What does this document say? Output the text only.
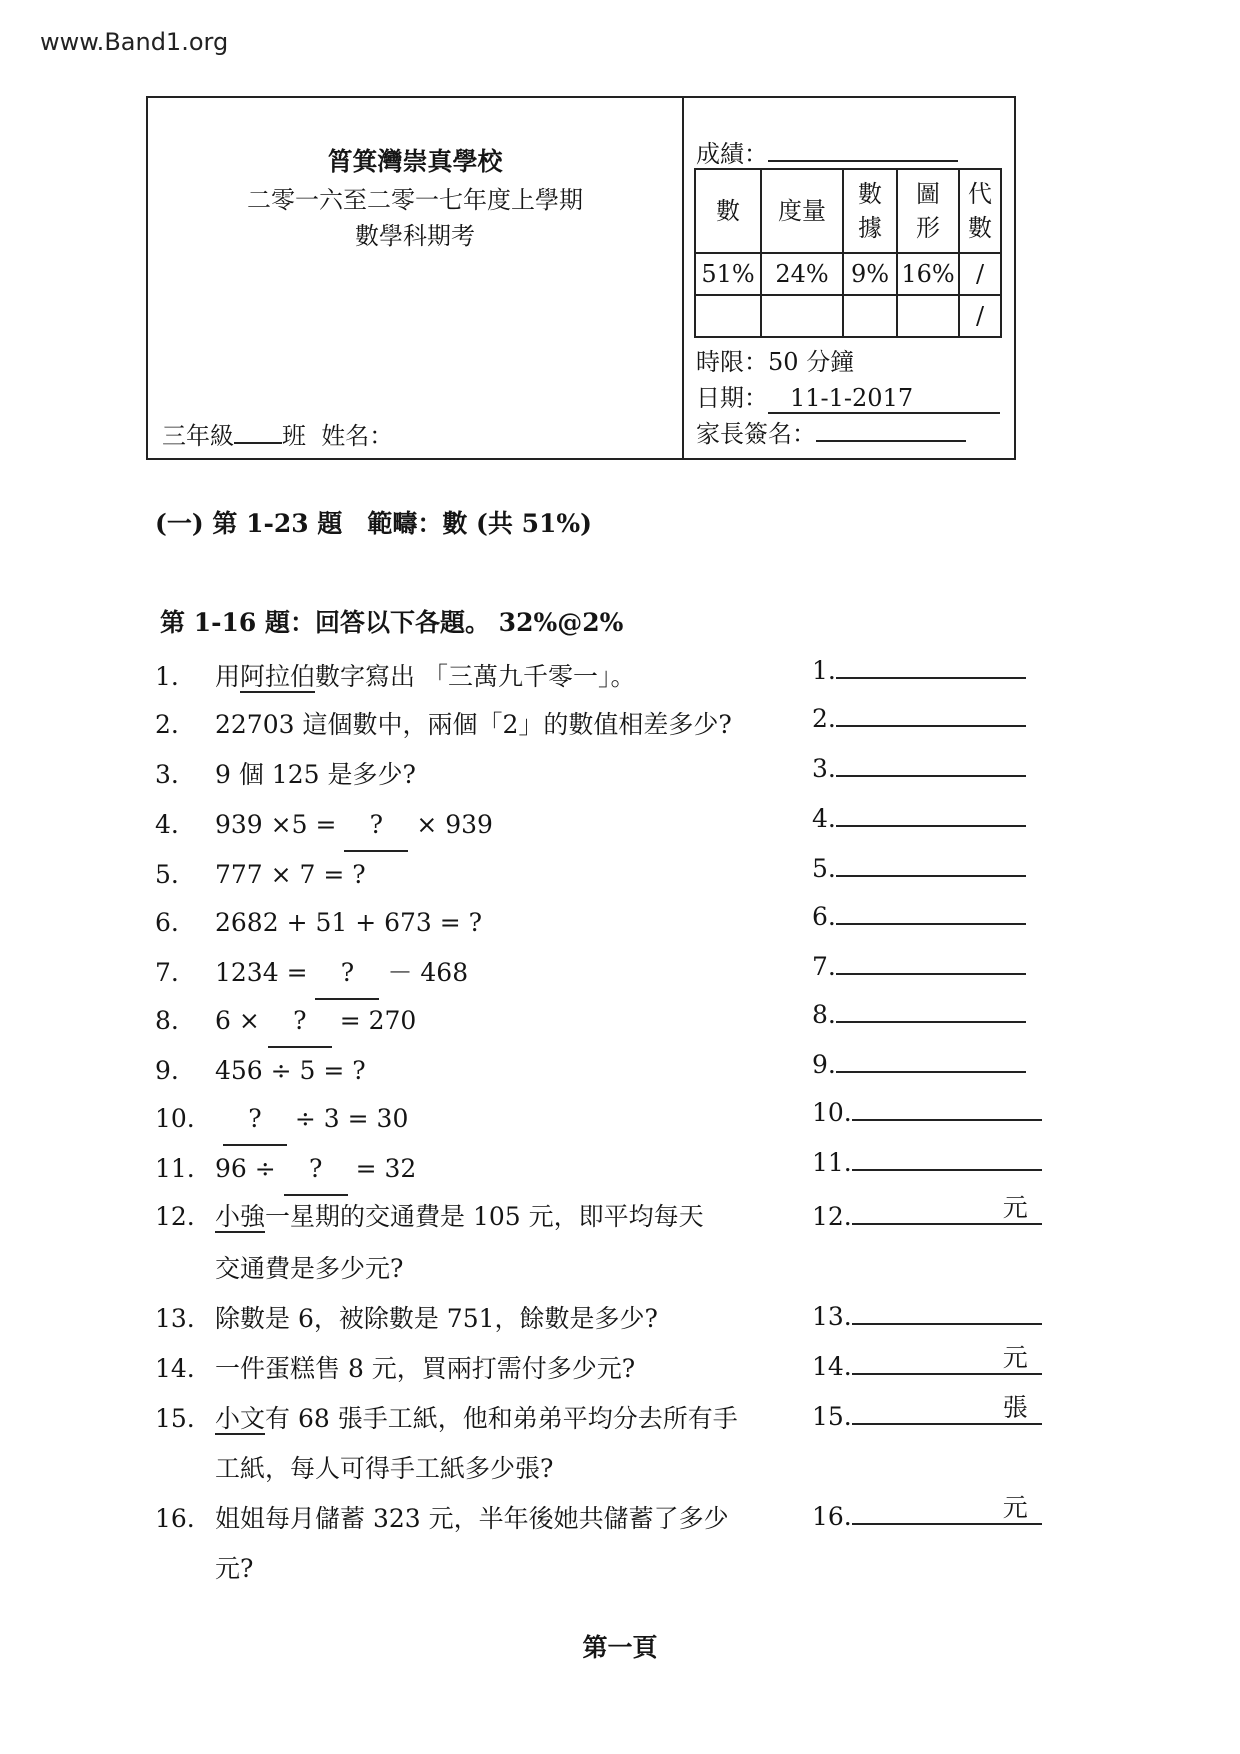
www.Band1.org
筲箕灣崇真學校
二零一六至二零一七年度上學期
數學科期考
三年級 班 姓名：
成績：
數	度量	數據	圖形	代數
51%	24%	9%	16%	/
				/
時限：50 分鐘
日期： 11-1-2017
家長簽名：
(一) 第 1-23 題　範疇：數 (共 51%)
第 1-16 題：回答以下各題。 32%@2%
1. 用阿拉伯數字寫出 「三萬九千零一」。	1.
2. 22703 這個數中，兩個「2」的數值相差多少?	2.
3. 9 個 125 是多少?	3.
4. 939 ×5 = ? × 939	4.
5. 777 × 7 = ?	5.
6. 2682 + 51 + 673 = ?	6.
7. 1234 = ? － 468	7.
8. 6 × ? = 270	8.
9. 456 ÷ 5 = ?	9.
10. ? ÷ 3 = 30	10.
11. 96 ÷ ? = 32	11.
12. 小強一星期的交通費是 105 元，即平均每天
交通費是多少元?
12.	元
13. 除數是 6，被除數是 751，餘數是多少?	13.
14. 一件蛋糕售 8 元，買兩打需付多少元?	14.	元
15. 小文有 68 張手工紙，他和弟弟平均分去所有手
工紙，每人可得手工紙多少張?
15.	張
16. 姐姐每月儲蓄 323 元，半年後她共儲蓄了多少
元?
16.	元
第一頁
